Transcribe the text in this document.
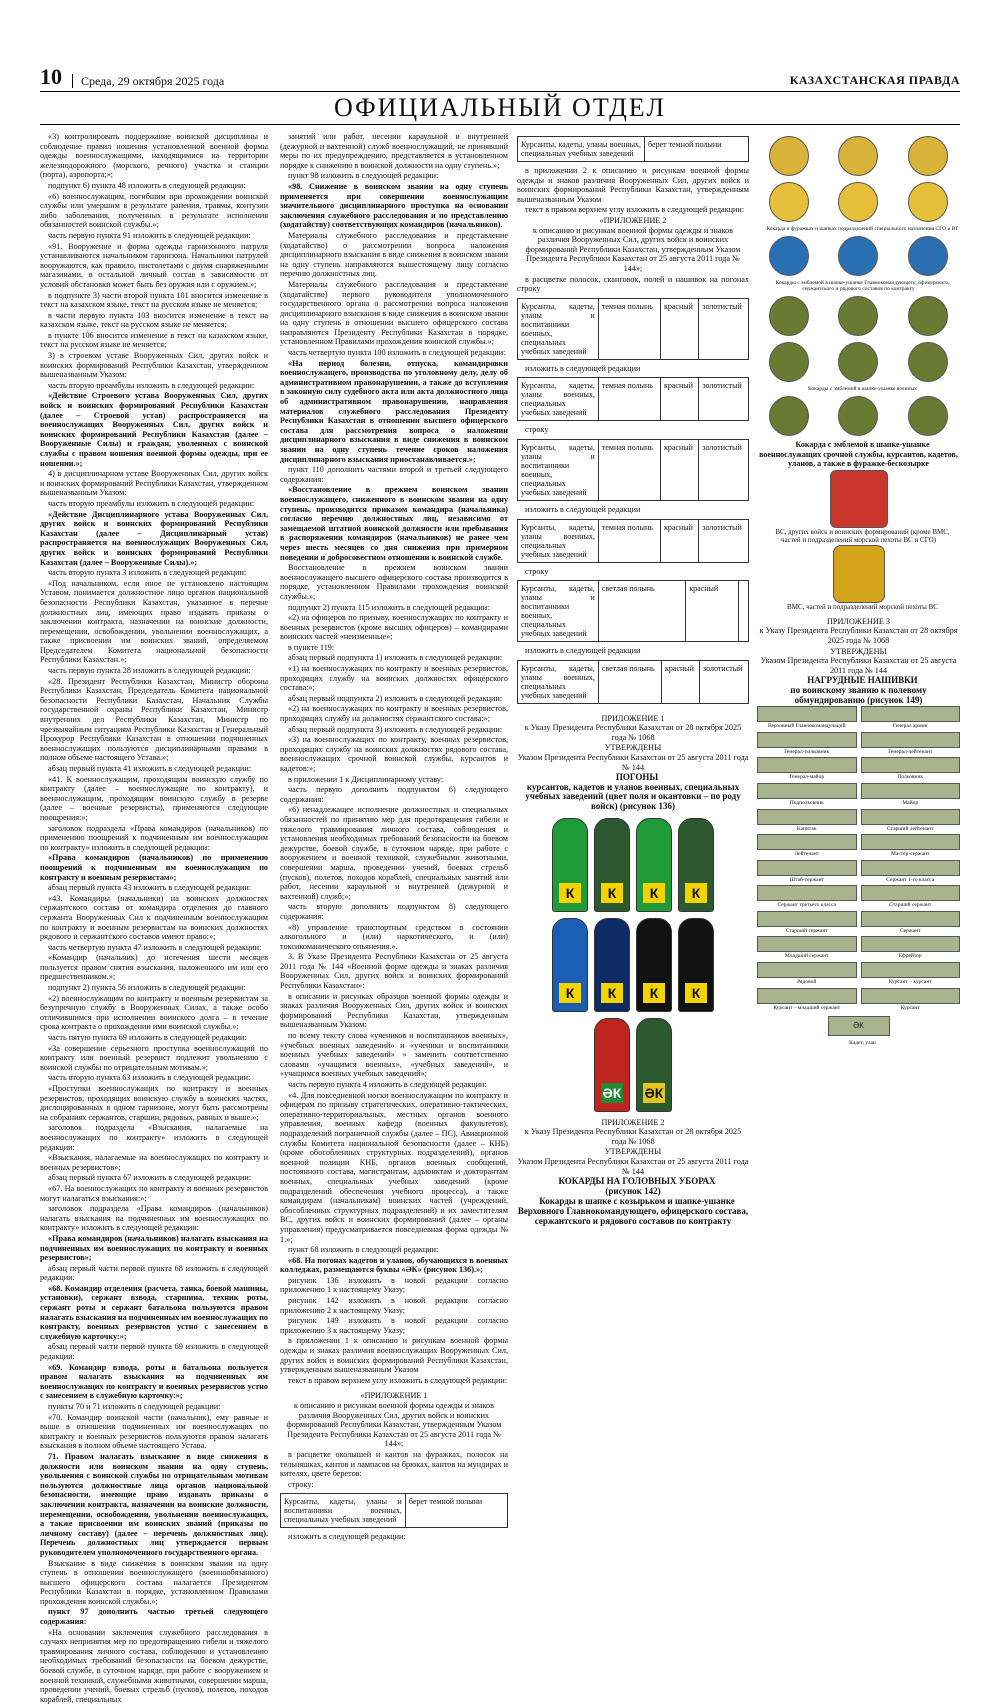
10	Среда, 29 октября 2025 года	КАЗАХСТАНСКАЯ ПРАВДА
ОФИЦИАЛЬНЫЙ ОТДЕЛ

«3) контролировать поддержание воинской дисциплины и соблюдение правил ношения установленной военной формы одежды военнослужащими, находящимися на территории железнодорожного (морского, речного) участка и станции (порта), аэропорта;»;

подпункт 6) пункта 48 изложить в следующей редакции:

«6) военнослужащим, погибшим при прохождении воинской службы или умершим в результате ранения, травмы, контузии либо заболевания, полученных в результате исполнения обязанностей воинской службы.»;

часть первую пункта 91 изложить в следующей редакции:

«91. Вооружение и форма одежды гарнизонного патруля устанавливаются начальником гарнизона. Начальники патрулей вооружаются, как правило, пистолетами с двумя снаряженными магазинами, в остальной личный состав в зависимости от условий обстановки может быть без оружия или с оружием.»;

в подпункте 3) части второй пункта 101 вносится изменение в текст на казахском языке, текст на русском языке не меняется;

в части первую пункта 103 вносится изменение в текст на казахском языке, текст на русском языке не меняется;

в пункте 106 вносится изменение в текст на казахском языке, текст на русском языке не меняется;

3) в строевом уставе Вооруженных Сил, других войск и воинских формирований Республики Казахстан, утвержденном вышеназванным Указом:

часть вторую преамбулы изложить в следующей редакции:

«Действие Строевого устава Вооруженных Сил, других войск и воинских формирований Республики Казахстан (далее – Строевой устав) распространяется на военнослужащих Вооруженных Сил, других войск и воинских формирований Республики Казахстан (далее – Вооруженные Силы) и граждан, уволенных с воинской службы с правом ношения военной формы одежды, при ее ношении.»;

4) в дисциплинарном уставе Вооруженных Сил, других войск и воинских формирований Республики Казахстан, утвержденном вышеназванным Указом:

часть вторую преамбулы изложить в следующей редакции:

«Действие Дисциплинарного устава Вооруженных Сил, других войск и воинских формирований Республики Казахстан (далее – Дисциплинарный устав) распространяется на военнослужащих Вооруженных Сил, других войск и воинских формирований Республики Казахстан (далее – Вооруженные Силы).»;

часть вторую пункта 3 изложить в следующей редакции:

«Под начальником, если иное не установлено настоящим Уставом, понимается должностное лицо органов национальной безопасности Республики Казахстан, указанное в перечне должностных лиц, имеющих право издавать приказы о заключении контракта, назначении на воинские должности, перемещении, освобождении, увольнении военнослужащих, а также присвоении им воинских званий, определяемом Председателем Комитета национальной безопасности Республики Казахстан.»;

часть первую пункта 28 изложить в следующей редакции:

«28. Президент Республики Казахстан, Министр обороны Республики Казахстан, Председатель Комитета национальной безопасности Республики Казахстан, Начальник Службы государственной охраны Республики Казахстан, Министр внутренних дел Республики Казахстан, Министр по чрезвычайным ситуациям Республики Казахстан и Генеральный Прокурор Республики Казахстан в отношении подчиненных военнослужащих пользуются дисциплинарными правами в полном объеме настоящего Устава.»;

абзац первый пункта 41 изложить в следующей редакции:

«41. К военнослужащим, проходящим воинскую службу по контракту (далее – военнослужащие по контракту), и военнослужащим, проходящим воинскую службу в резерве (далее – военные резервисты), применяются следующие поощрения:»;

заголовок подраздела «Права командиров (начальников) по применению поощрений к подчиненным им военнослужащим по контракту» изложить в следующей редакции:

«Права командиров (начальников) по применению поощрений к подчиненным им военнослужащим по контракту и военным резервистам»;

абзац первый пункта 43 изложить в следующей редакции:

«43. Командиры (начальники) на воинских должностях сержантского состава от командира отделения до главного сержанта Вооруженных Сил к подчиненным военнослужащим по контракту и военным резервистам на воинских должностях рядового и сержантского составов имеют право:»;

часть четвертую пункта 47 изложить в следующей редакции:

«Командир (начальник) до истечения шести месяцев пользуется правом снятия взыскания, наложенного им или его предшественником.»;

подпункт 2) пункта 56 изложить в следующей редакции:

«2) военнослужащим по контракту и военным резервистам за безупречную службу в Вооруженных Силах, а также особо отличившимся при исполнении воинского долга – в течение срока контракта о прохождении ими воинской службы.»;

часть пятую пункта 69 изложить в следующей редакции:

«За совершение серьезного проступка военнослужащий по контракту или военный резервист подлежит увольнению с воинской службы по отрицательным мотивам.»;

часть вторую пункта 63 изложить в следующей редакции:

«Проступки военнослужащих по контракту и военных резервистов, проходящих воинскую службу в воинских частях, дислоцированных в одном гарнизоне, могут быть рассмотрены на собраниях сержантов, старшин, рядовых, равных и выше.»;

заголовок подраздела «Взыскания, налагаемые на военнослужащих по контракту» изложить в следующей редакции:

«Взыскания, налагаемые на военнослужащих по контракту и военных резервистов»;

абзац первый пункта 67 изложить в следующей редакции:

«67. На военнослужащих по контракту и военных резервистов могут налагаться взыскания:»;

заголовок подраздела «Права командиров (начальников) налагать взыскания на подчиненных им военнослужащих по контракту» изложить в следующей редакции:

«Права командиров (начальников) налагать взыскания на подчиненных им военнослужащих по контракту и военных резервистов»;

абзац первый части первой пункта 68 изложить в следующей редакции:

«68. Командир отделения (расчета, танка, боевой машины, установки), сержант взвода, старшина, техник роты, сержант роты и сержант батальона пользуются правом налагать взыскания на подчиненных им военнослужащих по контракту, военных резервистов устно с занесением в служебную карточку:»;

абзац первый части первой пункта 69 изложить в следующей редакции:

«69. Командир взвода, роты и батальона пользуется правом налагать взыскания на подчиненных им военнослужащих по контракту и военных резервистов устно с занесением в служебную карточку:»;

пункты 70 и 71 изложить в следующей редакции:

«70. Командир воинской части (начальник), ему равные и выше в отношении подчиненных им военнослужащих по контракту и военных резервистов пользуются правом налагать взыскания в полном объеме настоящего Устава.

71. Правом налагать взыскание в виде снижения в должности или воинском звании на одну ступень, увольнения с воинской службы по отрицательным мотивам пользуются должностные лица органов национальной безопасности, имеющие право издавать приказы о заключении контракта, назначении на воинские должности, перемещении, освобождении, увольнении военнослужащих, а также присвоении им воинских званий (приказы по личному составу) (далее – перечень должностных лиц). Перечень должностных лиц утверждается первым руководителем уполномоченного государственного органа.

Взыскание в виде снижения в воинском звании на одну ступень в отношении военнослужащего (военнообязанного) высшего офицерского состава налагается Президентом Республики Казахстан в порядке, установленном Правилами прохождения воинской службы.»;

пункт 97 дополнить частью третьей следующего содержания:

«На основании заключения служебного расследования в случаях непринятия мер по предотвращению гибели и тяжелого травмирования личного состава, соблюдению и установлению необходимых требований безопасности на боевом дежурстве, боевой службе, в суточном наряде, при работе с вооружением и военной техникой, служебными животными, совершении марша, проведении учений, боевых стрельб (пусков), полетов, походов кораблей, специальных

занятий или работ, несении караульной и внутренней (дежурной и вахтенной) служб военнослужащий, не принявший меры по их предупреждению, представляется в установленном порядке к снижению в воинской должности на одну ступень.»;

пункт 98 изложить в следующей редакции:

«98. Снижение в воинском звании на одну ступень применяется при совершении военнослужащим значительного дисциплинарного проступка на основании заключения служебного расследования и по представлению (ходатайству) соответствующих командиров (начальников).

Материалы служебного расследования и представление (ходатайство) о рассмотрении вопроса наложения дисциплинарного взыскания в виде снижения в воинском звании на одну ступень направляются вышестоящему лицу согласно перечню должностных лиц.

Материалы служебного расследования и представление (ходатайство) первого руководителя уполномоченного государственного органа о рассмотрении вопроса наложения дисциплинарного взыскания в виде снижения в воинском звании на одну ступень в отношении высшего офицерского состава направляются Президенту Республики Казахстан в порядке, установленном Правилами прохождения воинской службы.»;

часть четвертую пункта 100 изложить в следующей редакции:

«На период болезни, отпуска, командировки военнослужащего, производства по уголовному делу, делу об административном правонарушении, а также до вступления в законную силу судебного акта или акта должностного лица об административном правонарушении, направления материалов служебного расследования Президенту Республики Казахстан в отношении высшего офицерского состава для рассмотрения вопроса о наложении дисциплинарного взыскания в виде снижения в воинском звании на одну ступень течение сроков наложения дисциплинарного взыскания приостанавливается.»;

пункт 110 дополнить частями второй и третьей следующего содержания:

«Восстановление в прежнем воинском звании военнослужащего, сниженного в воинском звании на одну ступень, производится приказом командира (начальника) согласно перечню должностных лиц, независимо от замещаемой штатной воинской должности или пребывания в распоряжении командиров (начальников) не ранее чем через шесть месяцев со дня снижения при примерном поведении и добросовестном отношении к воинской службе.

Восстановление в прежнем воинском звании военнослужащего высшего офицерского состава производится в порядке, установленном Правилами прохождения воинской службы.»;

подпункт 2) пункта 115 изложить в следующей редакции:

«2) на офицеров по призыву, военнослужащих по контракту и военных резервистов (кроме высших офицеров) – командирами воинских частей «неизменные»;

в пункте 119:

абзац первый подпункта 1) изложить в следующей редакции:

«1) на военнослужащих по контракту и военных резервистов, проходящих службу на воинских должностях офицерского состава:»;

абзац первый подпункта 2) изложить в следующей редакции:

«2) на военнослужащих по контракту и военных резервистов, проходящих службу на должностях сержантского состава:»;

абзац первый подпункта 3) изложить в следующей редакции:

«3) на военнослужащих по контракту, военных резервистов, проходящих службу на воинских должностях рядового состава, военнослужащих срочной воинской службы, курсантов и кадетов:»;

в приложении 1 к Дисциплинарному уставу:

часть первую дополнить подпунктом 6) следующего содержания:

«6) ненадлежащее исполнение должностных и специальных обязанностей по принятию мер для предотвращения гибели и тяжелого травмирования личного состава, соблюдения и установления необходимых требований безопасности на боевом дежурстве, боевой службе, в суточном наряде, при работе с вооружением и военной техникой, служебными животными, совершении марша, проведении учений, боевых стрельб (пусков), полетов, походов кораблей, специальных занятий или работ, несении караульной и внутренней (дежурной и вахтенной) служб;»;

часть вторую дополнить подпунктом 8) следующего содержания:

«8) управление транспортным средством в состоянии алкогольного и (или) наркотического, и (или) токсикоманического опьянения.».

3. В Указе Президента Республики Казахстан от 25 августа 2011 года № 144 «Военной форме одежды и знаках различия Вооруженных Сил, других войск и воинских формирований Республики Казахстан»:

в описании и рисунках образцов военной формы одежды и знаках различия Вооруженных Сил, других войск и воинских формирований Республики Казахстан, утвержденным вышеназванным Указом:

по всему тексту слова «учеников и воспитанников военных», «учебных военных заведений» и «ученики и воспитанники военных учебных заведений» » заменить соответственно словами «учащимся военных», «учебных заведений», и «учащимся военных учебных заведений»;

часть первую пункта 4 изложить в следующей редакции:

«4. Для повседневной носки военнослужащим по контракту и офицерам по призыву стратегических, оперативно-тактических, оперативно-территориальных, местных органов военного управления, военных кафедр (военных факультетов), подразделений пограничной службы (далее – ПС), Авиационной службы Комитета национальной безопасности (далее – КНБ) (кроме обособленных структурных подразделений), органов военной полиции КНБ, органов военных сообщений, постоянного состава, магистрантам, адъюнктам и докторантам военных, специальных учебных заведений (кроме подразделений обеспечения учебного процесса), а также командирам (начальникам) воинских частей (учреждений, обособленных структурных подразделений) и их заместителям ВС, других войск и воинских формирований (далее – органы управления) предусматривается повседневная форма одежды № 1.»;

пункт 68 изложить в следующей редакции:

«68. На погонах кадетов и уланов, обучающихся в военных колледжах, размещаются буквы «ӘК» (рисунок 136).»;

рисунок 136 изложить в новой редакции согласно приложению 1 к настоящему Указу;

рисунок 142 изложить в новой редакции согласно приложению 2 к настоящему Указу;

рисунок 149 изложить в новой редакции согласно приложению 3 к настоящему Указу;

в приложении 1 к описанию и рисункам военной формы одежды и знаках различия военнослужащих Вооруженных Сил, других войск и воинских формирований Республики Казахстан, утвержденным вышеназванным Указом

текст в правом верхнем углу изложить в следующей редакции:

«ПРИЛОЖЕНИЕ 1
к описанию и рисункам военной формы одежды и знаков различия Вооруженных Сил, других войск и воинских формирований Республики Казахстан, утвержденным Указом Президента Республики Казахстан от 25 августа 2011 года № 144»;

в расцветке околышей и кантов на фуражках, полосок на тельняшках, кантов и лампасов на брюках, кантов на мундирах и кителях, цвете беретов:

строку:

Курсанты, кадеты, уланы и воспитанники военных, специальных учебных заведений	берет темной полыни

изложить в следующей редакции:

Курсанты, кадеты, уланы военных, специальных учебных заведений	берет темной полыни

в приложении 2 к описанию и рисункам военной формы одежды и знаков различия Вооруженных Сил, других войск и воинских формирований Республики Казахстан, утвержденным вышеназванным Указом

текст в правом верхнем углу изложить в следующей редакции:

«ПРИЛОЖЕНИЕ 2
к описанию и рисункам военной формы одежды и знаков различия Вооруженных Сил, других войск и воинских формирований Республики Казахстан, утвержденным Указом Президента Республики Казахстан от 25 августа 2011 года № 144»;

в расцветке полосок, сканговок, полей и нашивок на погонах строку

Курсанты, кадеты, уланы и воспитанники военных, специальных учебных заведений	темная полынь	красный	золотистый

изложить в следующей редакции

Курсанты, кадеты, уланы военных, специальных учебных заведений	темная полынь	красный	золотистый

строку

Курсанты, кадеты, уланы и воспитанники военных, специальных учебных заведений	темная полынь	красный	золотистый

изложить в следующей редакции

Курсанты, кадеты, уланы военных, специальных учебных заведений	темная полынь	красный	золотистый

строку

Курсанты, кадеты, уланы и воспитанники военных, специальных учебных заведений	светлая полынь	красный	

изложить в следующей редакции

Курсанты, кадеты, уланы военных, специальных учебных заведений	светлая полынь	красный	золотистый

ПРИЛОЖЕНИЕ 1
к Указу Президента Республики Казахстан от 28 октября 2025 года № 1068

УТВЕРЖДЕНЫ
Указом Президента Республики Казахстан от 25 августа 2011 года № 144

ПОГОНЫ
курсантов, кадетов и уланов военных, специальных учебных заведений (цвет поля и окантовки – по роду войск) (рисунок 136)

К	К	К	К
К	К	К	К
ӘК ӘК

ПРИЛОЖЕНИЕ 2
к Указу Президента Республики Казахстан от 28 октября 2025 года № 1068

УТВЕРЖДЕНЫ
Указом Президента Республики Казахстан от 25 августа 2011 года № 144

КОКАРДЫ НА ГОЛОВНЫХ УБОРАХ
(рисунок 142)

Кокарды в шапке с козырьком и шапке-ушанке Верховного Главнокомандующего, офицерского состава, сержантского и рядового составов по контракту

Кокарда в фуражках и шапках подразделений специального назначения СГО и ВГ

Кокарды с эмблемой в шапке-ушанке Главнокомандующего, офицерского, сержантского и рядового составов по контракту

Кокарды с эмблемой в шапке-ушанке военных

Кокарда с эмблемой в шапке-ушанке военнослужащих срочной службы, курсантов, кадетов, уланов, а также в фуражке-бескозырке

ВС, других войск и воинских формирований (кроме ВМС, частей и подразделений морской пехоты ВС и СГО)

ВМС, частей и подразделений морской пехоты ВС

ПРИЛОЖЕНИЕ 3
к Указу Президента Республики Казахстан от 28 октября 2025 года № 1068

УТВЕРЖДЕНЫ
Указом Президента Республики Казахстан от 25 августа 2011 года № 144

НАГРУДНЫЕ НАШИВКИ
по воинскому званию к полевому обмундированию (рисунок 149)

Верховный Главнокомандующий	Генерал армии
Генерал-полковник	Генерал-лейтенант
Генерал-майор	Полковник
Подполковник	Майор
Капитан	Старший лейтенант
Лейтенант	Мастер-сержант
Штаб-сержант	Сержант 1-го класса
Сержант третьего класса	Старший сержант
Старший сержант	Сержант
Младший сержант	Ефрейтор
Рядовой	Курсант – курсант
Курсант – младший сержант	Курсант
ӘК

Кадет, улан
